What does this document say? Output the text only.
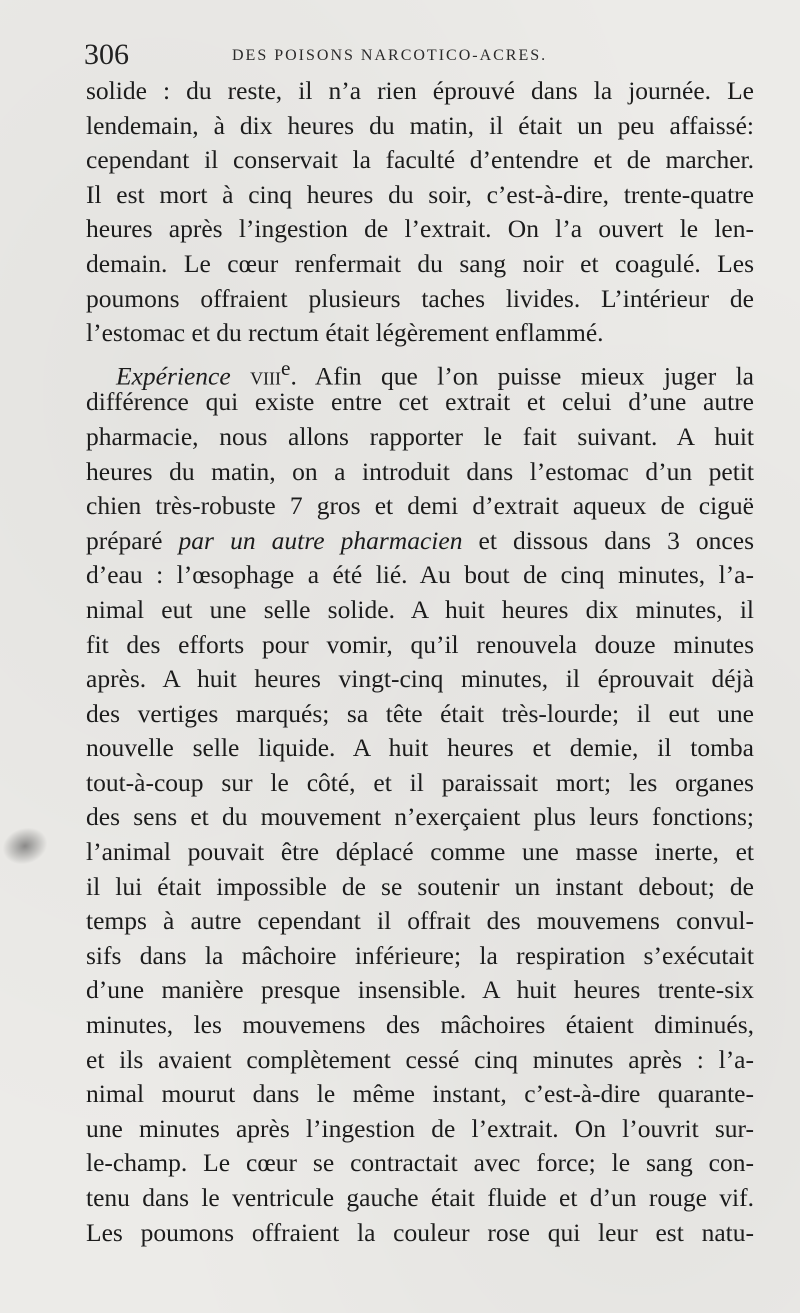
306	DES POISONS NARCOTICO-ACRES.
solide : du reste, il n’a rien éprouvé dans la journée. Le
lendemain, à dix heures du matin, il était un peu affaissé:
cependant il conservait la faculté d’entendre et de marcher.
Il est mort à cinq heures du soir, c’est-à-dire, trente-quatre
heures après l’ingestion de l’extrait. On l’a ouvert le len-
demain. Le cœur renfermait du sang noir et coagulé. Les
poumons offraient plusieurs taches livides. L’intérieur de
l’estomac et du rectum était légèrement enflammé.
Expérience viii$^e$. Afin que l’on puisse mieux juger la
différence qui existe entre cet extrait et celui d’une autre
pharmacie, nous allons rapporter le fait suivant. A huit
heures du matin, on a introduit dans l’estomac d’un petit
chien très-robuste 7 gros et demi d’extrait aqueux de ciguë
préparé par un autre pharmacien et dissous dans 3 onces
d’eau : l’œsophage a été lié. Au bout de cinq minutes, l’a-
nimal eut une selle solide. A huit heures dix minutes, il
fit des efforts pour vomir, qu’il renouvela douze minutes
après. A huit heures vingt-cinq minutes, il éprouvait déjà
des vertiges marqués; sa tête était très-lourde; il eut une
nouvelle selle liquide. A huit heures et demie, il tomba
tout-à-coup sur le côté, et il paraissait mort; les organes
des sens et du mouvement n’exerçaient plus leurs fonctions;
l’animal pouvait être déplacé comme une masse inerte, et
il lui était impossible de se soutenir un instant debout; de
temps à autre cependant il offrait des mouvemens convul-
sifs dans la mâchoire inférieure; la respiration s’exécutait
d’une manière presque insensible. A huit heures trente-six
minutes, les mouvemens des mâchoires étaient diminués,
et ils avaient complètement cessé cinq minutes après : l’a-
nimal mourut dans le même instant, c’est-à-dire quarante-
une minutes après l’ingestion de l’extrait. On l’ouvrit sur-
le-champ. Le cœur se contractait avec force; le sang con-
tenu dans le ventricule gauche était fluide et d’un rouge vif.
Les poumons offraient la couleur rose qui leur est natu-
